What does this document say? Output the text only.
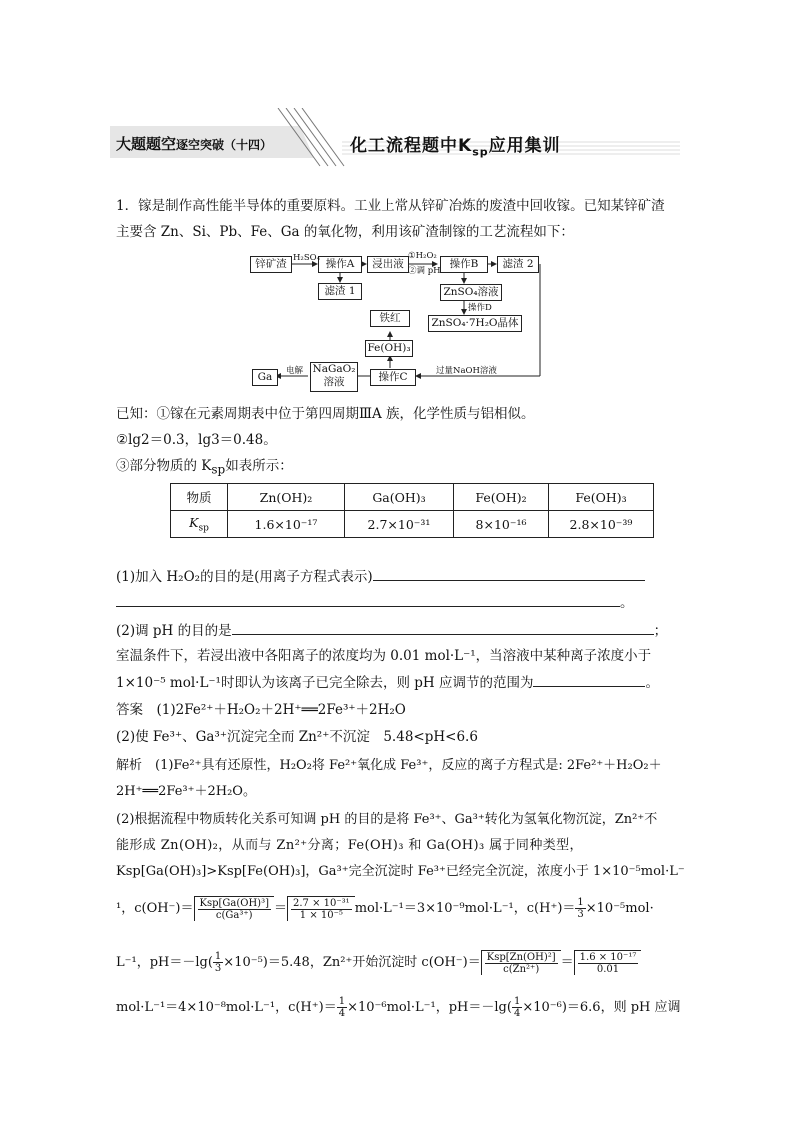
大题题空逐空突破（十四）	化工流程题中$K_{sp}$应用集训
1．镓是制作高性能半导体的重要原料。工业上常从锌矿冶炼的废渣中回收镓。已知某锌矿渣
主要含 Zn、Si、Pb、Fe、Ga 的氧化物，利用该矿渣制镓的工艺流程如下：
锌矿渣	操作A	浸出液	操作B	滤渣 2
滤渣 1	ZnSO₄溶液
ZnSO₄·7H₂O晶体
铁红
Fe(OH)₃
NaGaO₂
溶液	操作C
Ga
H₂SO₄	①H₂O₂
②调 pH
操作D
电解	过量NaOH溶液
已知：①镓在元素周期表中位于第四周期ⅢA 族，化学性质与铝相似。
②lg2＝0.3，lg3＝0.48。
③部分物质的 $K_{sp}$如表所示：
物质	Zn(OH)₂	Ga(OH)₃	Fe(OH)₂	Fe(OH)₃
$K_{sp}$	1.6×10⁻¹⁷	2.7×10⁻³¹	8×10⁻¹⁶	2.8×10⁻³⁹
(1)加入 H₂O₂的目的是(用离子方程式表示)
。
(2)调 pH 的目的是	；
室温条件下，若浸出液中各阳离子的浓度均为 0.01 mol·L⁻¹，当溶液中某种离子浓度小于
1×10⁻⁵ mol·L⁻¹时即认为该离子已完全除去，则 pH 应调节的范围为	。
答案　(1)2Fe²⁺＋H₂O₂＋2H⁺══2Fe³⁺＋2H₂O
(2)使 Fe³⁺、Ga³⁺沉淀完全而 Zn²⁺不沉淀　5.48<pH<6.6
解析　(1)Fe²⁺具有还原性，H₂O₂将 Fe²⁺氧化成 Fe³⁺，反应的离子方程式是: 2Fe²⁺＋H₂O₂＋
2H⁺══2Fe³⁺＋2H₂O。
(2)根据流程中物质转化关系可知调 pH 的目的是将 Fe³⁺、Ga³⁺转化为氢氧化物沉淀，Zn²⁺不
能形成 Zn(OH)₂，从而与 Zn²⁺分离；Fe(OH)₃ 和 Ga(OH)₃ 属于同种类型，
Ksp[Ga(OH)₃]>Ksp[Fe(OH)₃]，Ga³⁺完全沉淀时 Fe³⁺已经完全沉淀，浓度小于 1×10⁻⁵mol·L⁻
¹，$c(OH^-)= \frac{\text{Ksp[Ga(OH)³]}}{\text{c(Ga³⁺)}} = \frac{\text{2.7 × 10⁻³¹}}{\text{1 × 10⁻⁵}} mol\cdot L^{-1}=3\times 10^{-9}mol\cdot L^{-1}$，$c(H^+)= \frac{1}{3} \times 10^{-5}mol\cdot$
L⁻¹，$pH=-\lg( \frac{1}{3} \times 10^{-5})=5.48$，Zn²⁺开始沉淀时 $c(OH^-)= \frac{\text{Ksp[Zn(OH)²]}}{\text{c(Zn²⁺)}} = \frac{\text{1.6 × 10⁻¹⁷}}{0.01}$
mol·L⁻¹＝4×10⁻⁸mol·L⁻¹，$c(H^+)= \frac{1}{4} \times 10^{-6}mol\cdot L^{-1}$，$pH=-\lg( \frac{1}{4} \times 10^{-6})=6.6$，则 pH 应调
